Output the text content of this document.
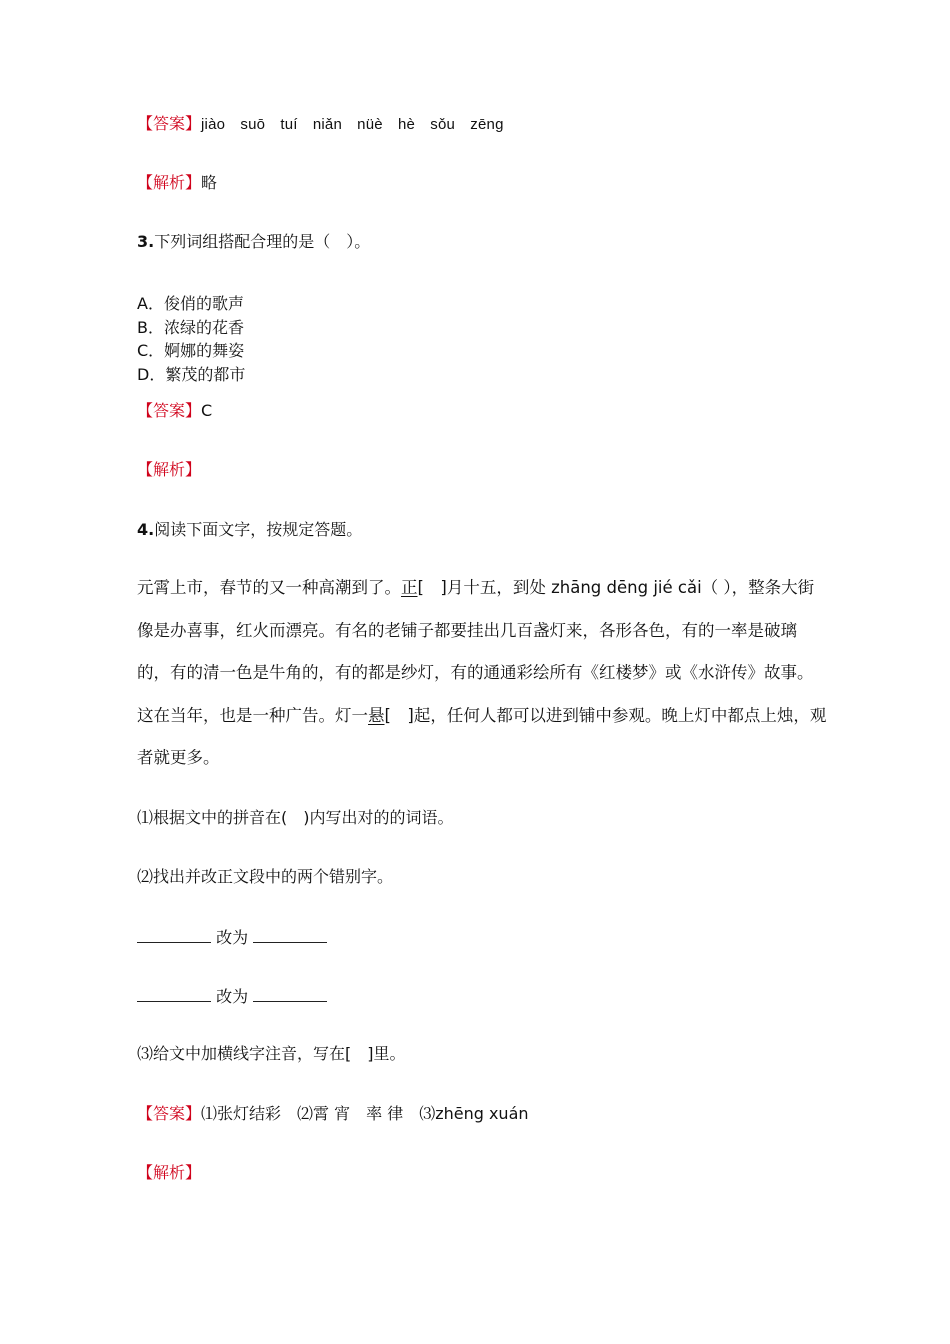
【答案】jiào　suō　tuí　niǎn　nüè　hè　sǒu　zēng
【解析】略
3.下列词组搭配合理的是（　）。
A．俊俏的歌声
B．浓绿的花香
C．婀娜的舞姿
D．繁茂的都市
【答案】C
【解析】
4.阅读下面文字，按规定答题。
元霄上市，春节的又一种高潮到了。正[　]月十五，到处 zhāng dēng jié cǎi（ ），整条大街像是办喜事，红火而漂亮。有名的老铺子都要挂出几百盏灯来，各形各色，有的一率是破璃的，有的清一色是牛角的，有的都是纱灯，有的通通彩绘所有《红楼梦》或《水浒传》故事。这在当年，也是一种广告。灯一悬[　]起，任何人都可以进到铺中参观。晚上灯中都点上烛，观者就更多。
⑴根据文中的拼音在(　)内写出对的的词语。
⑵找出并改正文段中的两个错别字。
改为
改为
⑶给文中加横线字注音，写在[　]里。
【答案】⑴张灯结彩　⑵霄 宵　率 律　⑶zhēng xuán
【解析】
